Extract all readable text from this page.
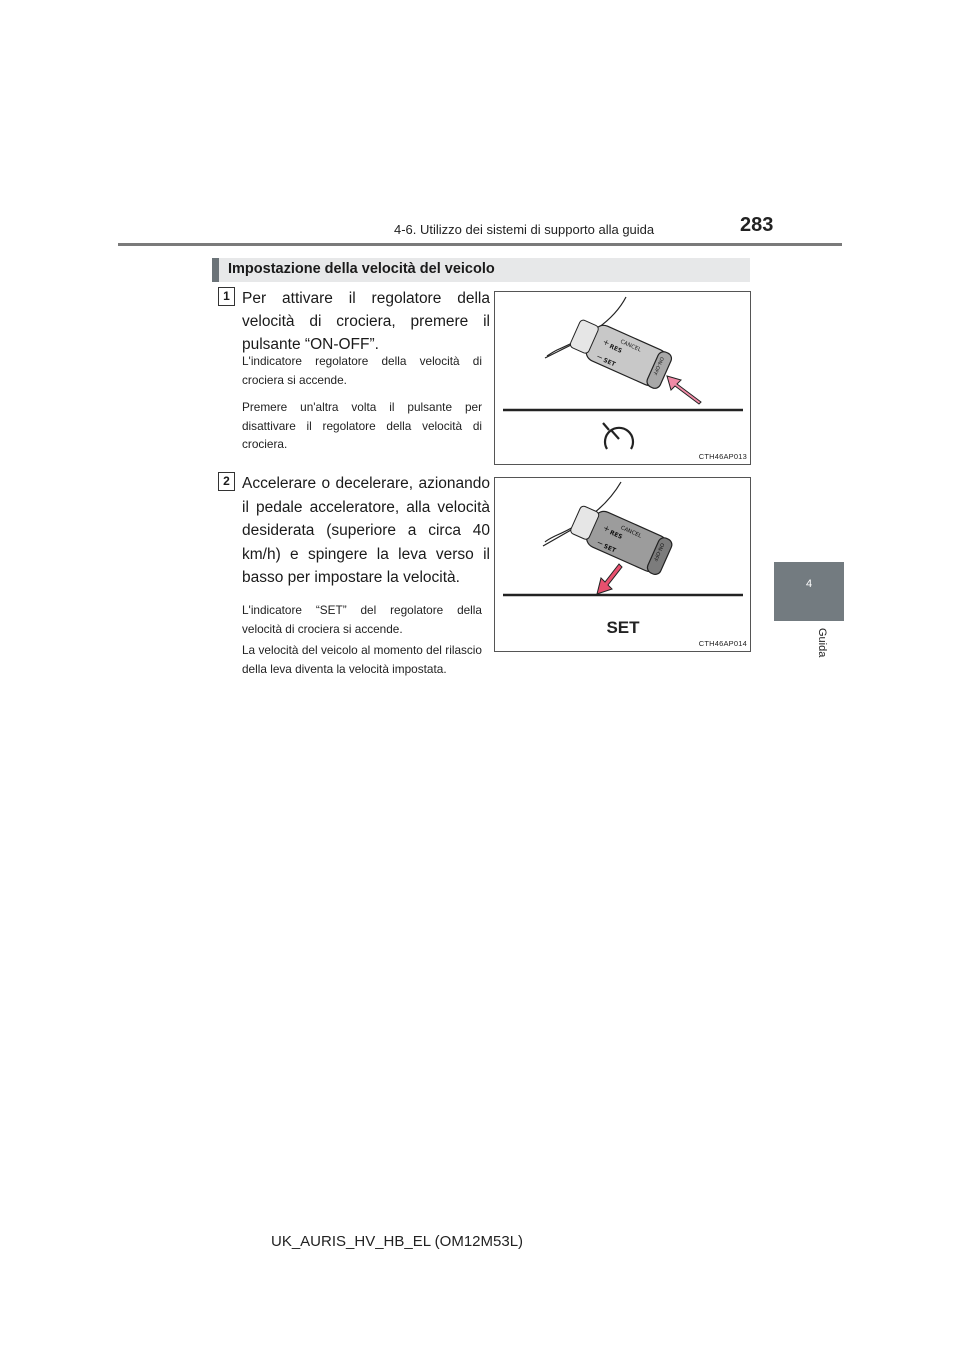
4-6. Utilizzo dei sistemi di supporto alla guida	283
4
Guida
Impostazione della velocità del veicolo
1 Per attivare il regolatore della velocità di crociera, premere il pulsante “ON-OFF”.
L'indicatore regolatore della velocità di crociera si accende.
Premere un'altra volta il pulsante per disattivare il regolatore della velocità di crociera.
CANCEL
+
RES
−
SET	ON-OFF
CTH46AP013
2 Accelerare o decelerare, azionando il pedale acceleratore, alla velocità desiderata (superiore a circa 40 km/h) e spingere la leva verso il basso per impostare la velocità.
L'indicatore “SET” del regolatore della velocità di crociera si accende.
La velocità del veicolo al momento del rilascio della leva diventa la velocità impostata.
CANCEL
+
RES
−
SET	ON-OFF
SET
CTH46AP014
UK_AURIS_HV_HB_EL (OM12M53L)
